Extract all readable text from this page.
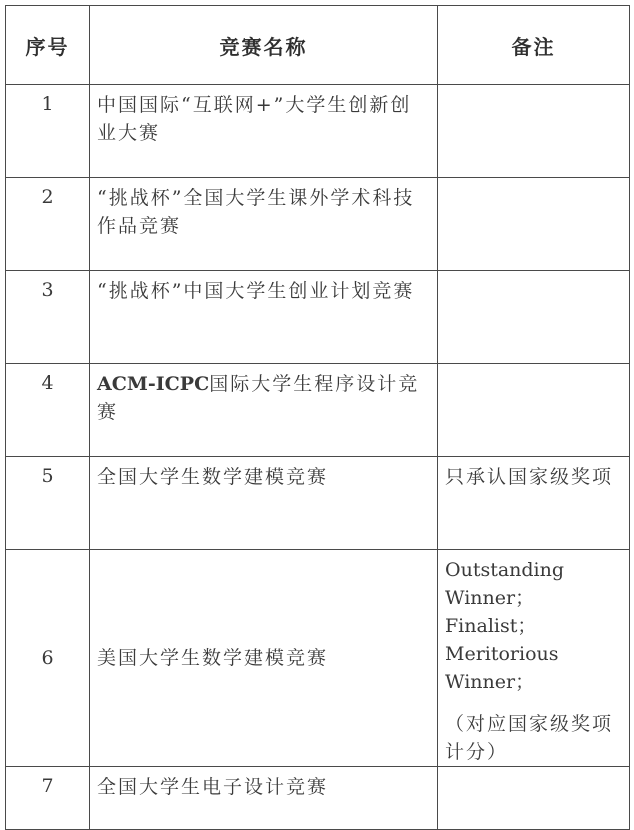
序号	竞赛名称	备注
1	中国国际“互联网+”大学生创新创业大赛	
2	“挑战杯”全国大学生课外学术科技作品竞赛	
3	“挑战杯”中国大学生创业计划竞赛	
4	ACM-ICPC国际大学生程序设计竞赛	
5	全国大学生数学建模竞赛	只承认国家级奖项
6	美国大学生数学建模竞赛	Outstanding
Winner；Finalist；
Meritorious
Winner；
（对应国家级奖项计分）

7	全国大学生电子设计竞赛	
